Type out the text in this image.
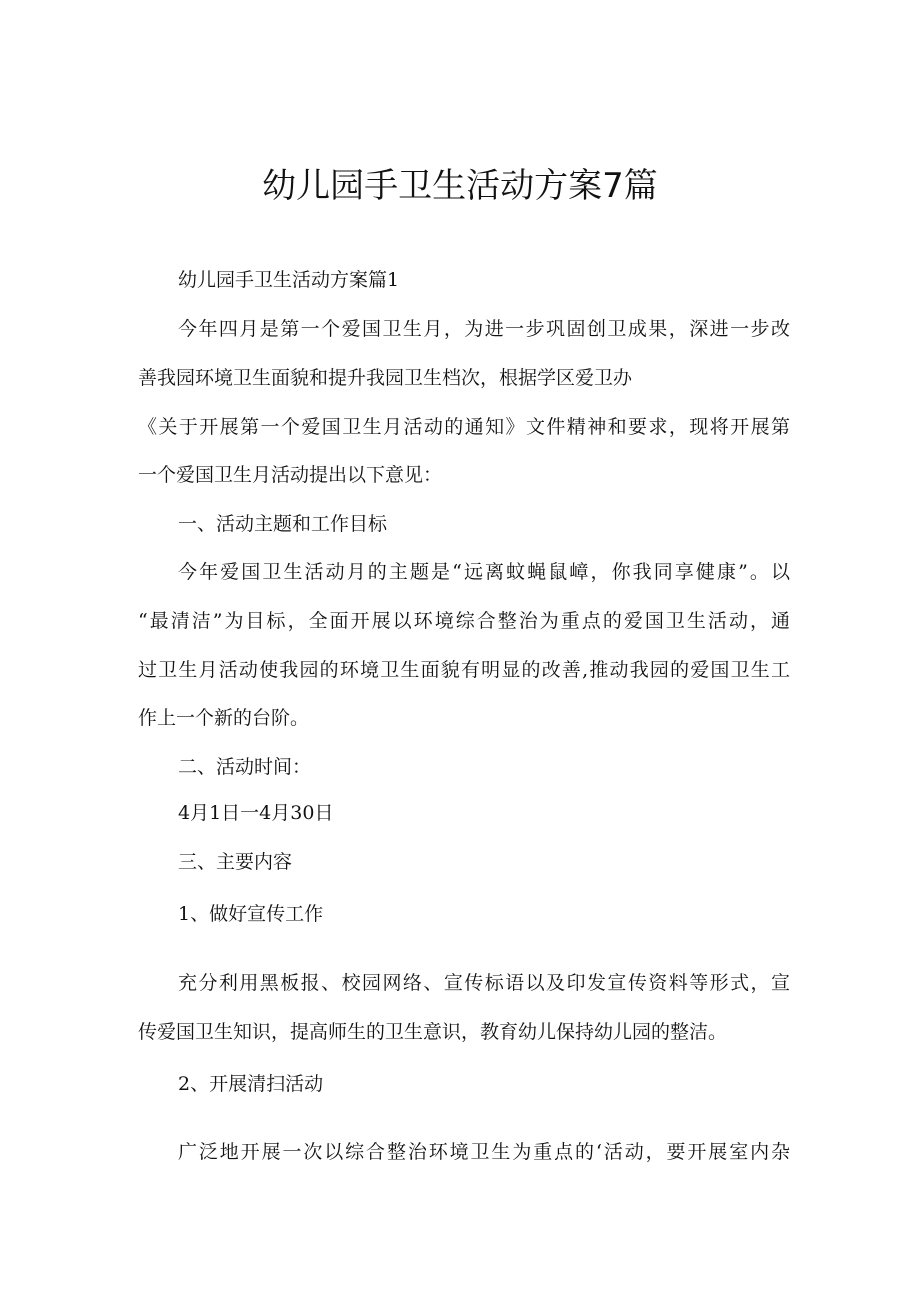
幼儿园手卫生活动方案7篇

幼儿园手卫生活动方案篇1

今年四月是第一个爱国卫生月，为进一步巩固创卫成果，深进一步改

善我园环境卫生面貌和提升我园卫生档次，根据学区爱卫办

《关于开展第一个爱国卫生月活动的通知》文件精神和要求，现将开展第

一个爱国卫生月活动提出以下意见：

一、活动主题和工作目标

今年爱国卫生活动月的主题是“远离蚊蝇鼠嶂，你我同享健康”。以

“最清洁”为目标，全面开展以环境综合整治为重点的爱国卫生活动，通

过卫生月活动使我园的环境卫生面貌有明显的改善,推动我园的爱国卫生工

作上一个新的台阶。

二、活动时间：

4月1日一4月30日

三、主要内容

1、做好宣传工作

充分利用黑板报、校园网络、宣传标语以及印发宣传资料等形式，宣

传爱国卫生知识，提高师生的卫生意识，教育幼儿保持幼儿园的整洁。

2、开展清扫活动

广泛地开展一次以综合整治环境卫生为重点的‘活动，要开展室内杂
